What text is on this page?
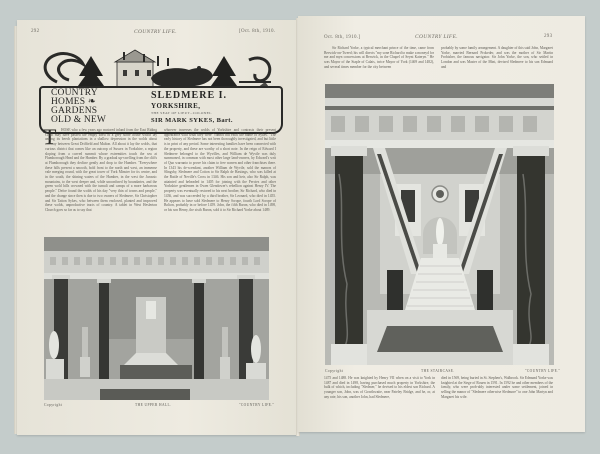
292	COUNTRY LIFE.	[Oct. 8th, 1910.
COUNTRY
HOMES ❧
GARDENS
OLD & NEW
SLEDMERE I.
YORKSHIRE,
THE SEAT OF LIEUT.-COLONEL
SIR MARK SYKES, Bart.
T	HOSE who a few years ago motored inland from the East Riding Coast may have passed the empty shell of a grey stone house which lay among its beech plantations in a shallow depression in the wolds about midway between Great Driffield and Malton. All about it lay the wolds, that curious district that comes like an outcrop of Sussex in Yorkshire, a region sloping from a curved summit whose extremities touch the sea at Flamborough Head and the Humber. By a gradual up-swelling from the cliffs at Flamborough they decline gently and drop to the Humber. "Everywhere these hills present a smooth, bold front to the north and west, an immense vale merging round, with the great tower of York Minster for its centre, and in the south, the shining waters of the Humber, in the west the Jurassic mountains, to the west deeper and, while unconfined by boundaries, and the green wold hills crowned with the tumuli and camps of a more barbarous people." Defoe found the wolds of his day "very thin of towns and people," and the change since then is due to two owners of Sledmere, Sir Christopher and Sir Tatton Sykes, who between them enclosed, planted and improved these wolds, unproductive tracts of country. A tablet in West Heslerton Church goes so far as to say that
whoever traverses the wolds of Yorkshire and contrasts their present appearance with what they were "cannot but extol the name of Sykes." The early history of Sledmere has not been thoroughly investigated, and but little is in print of any period. Some interesting families have been connected with the property, and these are worthy of a short note. In the reign of Edward I Sledmere belonged to the Wyvilles, and William de Wyvile was duly summoned, in common with most other large land-owners, by Edward's writ of Quo warranto to prove his claim to free warren and other franchises there. In 1343 his de-scendant, another William de Wyvile, sold the manors of Slingsby, Sledmere and Cotton to Sir Ralph de Hastings, who was killed at the Battle of Neville's Cross in 1346. His son and heir, also Sir Ralph, was attainted and beheaded in 1405 for joining with the Percies and other Yorkshire gentlemen in Owen Glendower's rebellion against Henry IV. The property was eventually restored to his next brother, Sir Richard, who died in 1436, and was succeeded by a third brother, Sir Leonard, who died in 1455. He appears to have sold Sledmere to Henry Scrope, fourth Lord Scrope of Bolton, probably in or before 1459. John, the fifth Baron, who died in 1498, or his son Henry, the sixth Baron, sold it to Sir Richard Yorke about 1489.
Copyright	THE UPPER HALL.	"COUNTRY LIFE."
Oct. 8th, 1910.]	COUNTRY LIFE.	293
Sir Richard Yorke, a typical merchant prince of the time, came from Berwick-on-Tweed; his will directs "my sone Richard to make a moneyd for me and myn concessions at Berwick, in the Chapel of Seynt Kateryn." He was Mayor of the Staple of Calais, twice Mayor of York (1469 and 1482), and several times member for the city between
probably by some family arrangement. A daughter of this said John, Margaret Yorke, married Bernard Prokeder, and was the mother of Sir Martin Frobisher, the famous navigator. Sir John Yorke, the son, who settled in London and was Master of the Mint, devised Sledmere to his son Edmund and
Copyright	THE STAIRCASE.	"COUNTRY LIFE."
1475 and 1488. He was knighted by Henry VII when on a visit to York in 1487 and died in 1498, having purchased much property in Yorkshire, the bulk of which, including "Sledmer," he devised to his eldest son Richard. A younger son, John, was of Gowthwaite, near Pateley Bridge, and he, or, at any rate, his son, another John, had Sledmere,
died in 1569, being buried in St. Stephen's, Walbrook. Sir Edmund Yorke was knighted at the Siege of Rouen in 1591. In 1592 he and other members of the family, who were prob-ably interested under some settlement, joined in selling the manor of "Sledmere otherwise Sledmore" to one John Martyn and Margaret his wife.
